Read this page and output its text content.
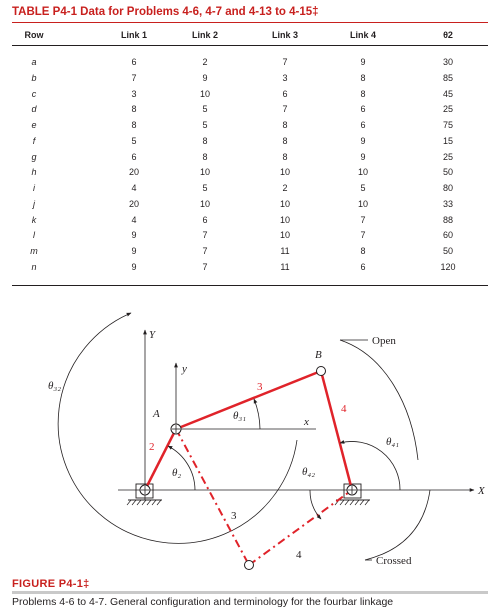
TABLE P4-1 Data for Problems 4-6, 4-7 and 4-13 to 4-15‡
Row	Link 1	Link 2	Link 3	Link 4	θ2
a	6	2	7	9	30
b	7	9	3	8	85
c	3	10	6	8	45
d	8	5	7	6	25
e	8	5	8	6	75
f	5	8	8	9	15
g	6	8	8	9	25
h	20	10	10	10	50
i	4	5	2	5	80
j	20	10	10	10	33
k	4	6	10	7	88
l	9	7	10	7	60
m	9	7	11	8	50
n	9	7	11	6	120
Y
y
x
X
A
B
2
3
4
3
4
θ₂
θ₃₁
θ₃₂
θ₄₁
θ₄₂
Open
Crossed
FIGURE P4-1‡
Problems 4-6 to 4-7. General configuration and terminology for the fourbar linkage
